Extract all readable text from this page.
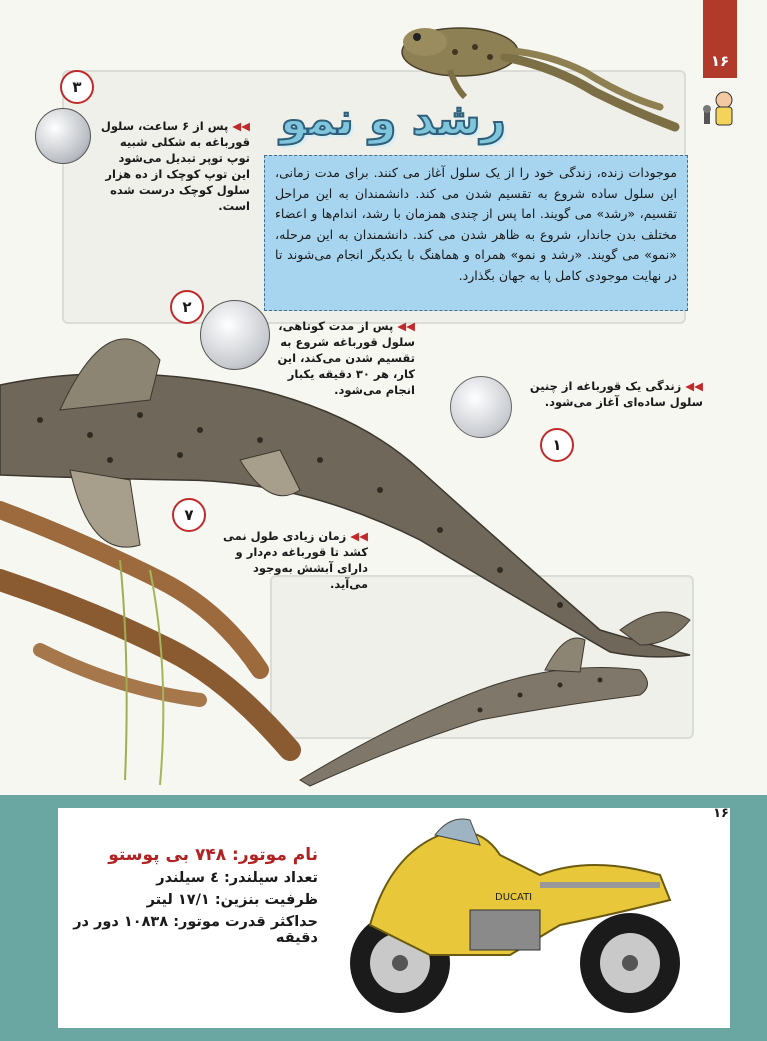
١۶
رشد و نمو
موجودات زنده، زندگی خود را از یک سلول آغاز می کنند. برای مدت زمانی، این سلول ساده شروع به تقسیم شدن می کند. دانشمندان به این مراحل تقسیم، «رشد» می گویند. اما پس از چندی همزمان با رشد، اندام‌ها و اعضاء مختلف بدن جاندار، شروع به ظاهر شدن می کند. دانشمندان به این مرحله، «نمو» می گویند. «رشد و نمو» همراه و هماهنگ با یکدیگر انجام می‌شوند تا در نهایت موجودی کامل پا به جهان بگذارد.
٣
◀◀ پس از ۶ ساعت، سلول قورباغه به شکلی شبیه توپ توپر تبدیل می‌شود این توپ کوچک از ده هزار سلول کوچک درست شده است.
٢
◀◀ پس از مدت کوتاهی، سلول قورباغه شروع به تقسیم شدن می‌کند، این کار، هر ۳۰ دقیقه یکبار انجام می‌شود.	◀◀ زندگی یک قورباغه از چنین سلول ساده‌ای آغاز می‌شود.
١
٧
◀◀ زمان زیادی طول نمی کشد تا قورباغه دم‌دار و دارای آبشش به‌وجود می‌آید.
١۶
نام موتور: ۷۴۸ بی پوستو
تعداد سیلندر: ٤ سیلندر
ظرفیت بنزین: ۱۷/۱ لیتر
حداکثر قدرت موتور: ۱۰۸۳۸ دور در دقیقه
DUCATI
